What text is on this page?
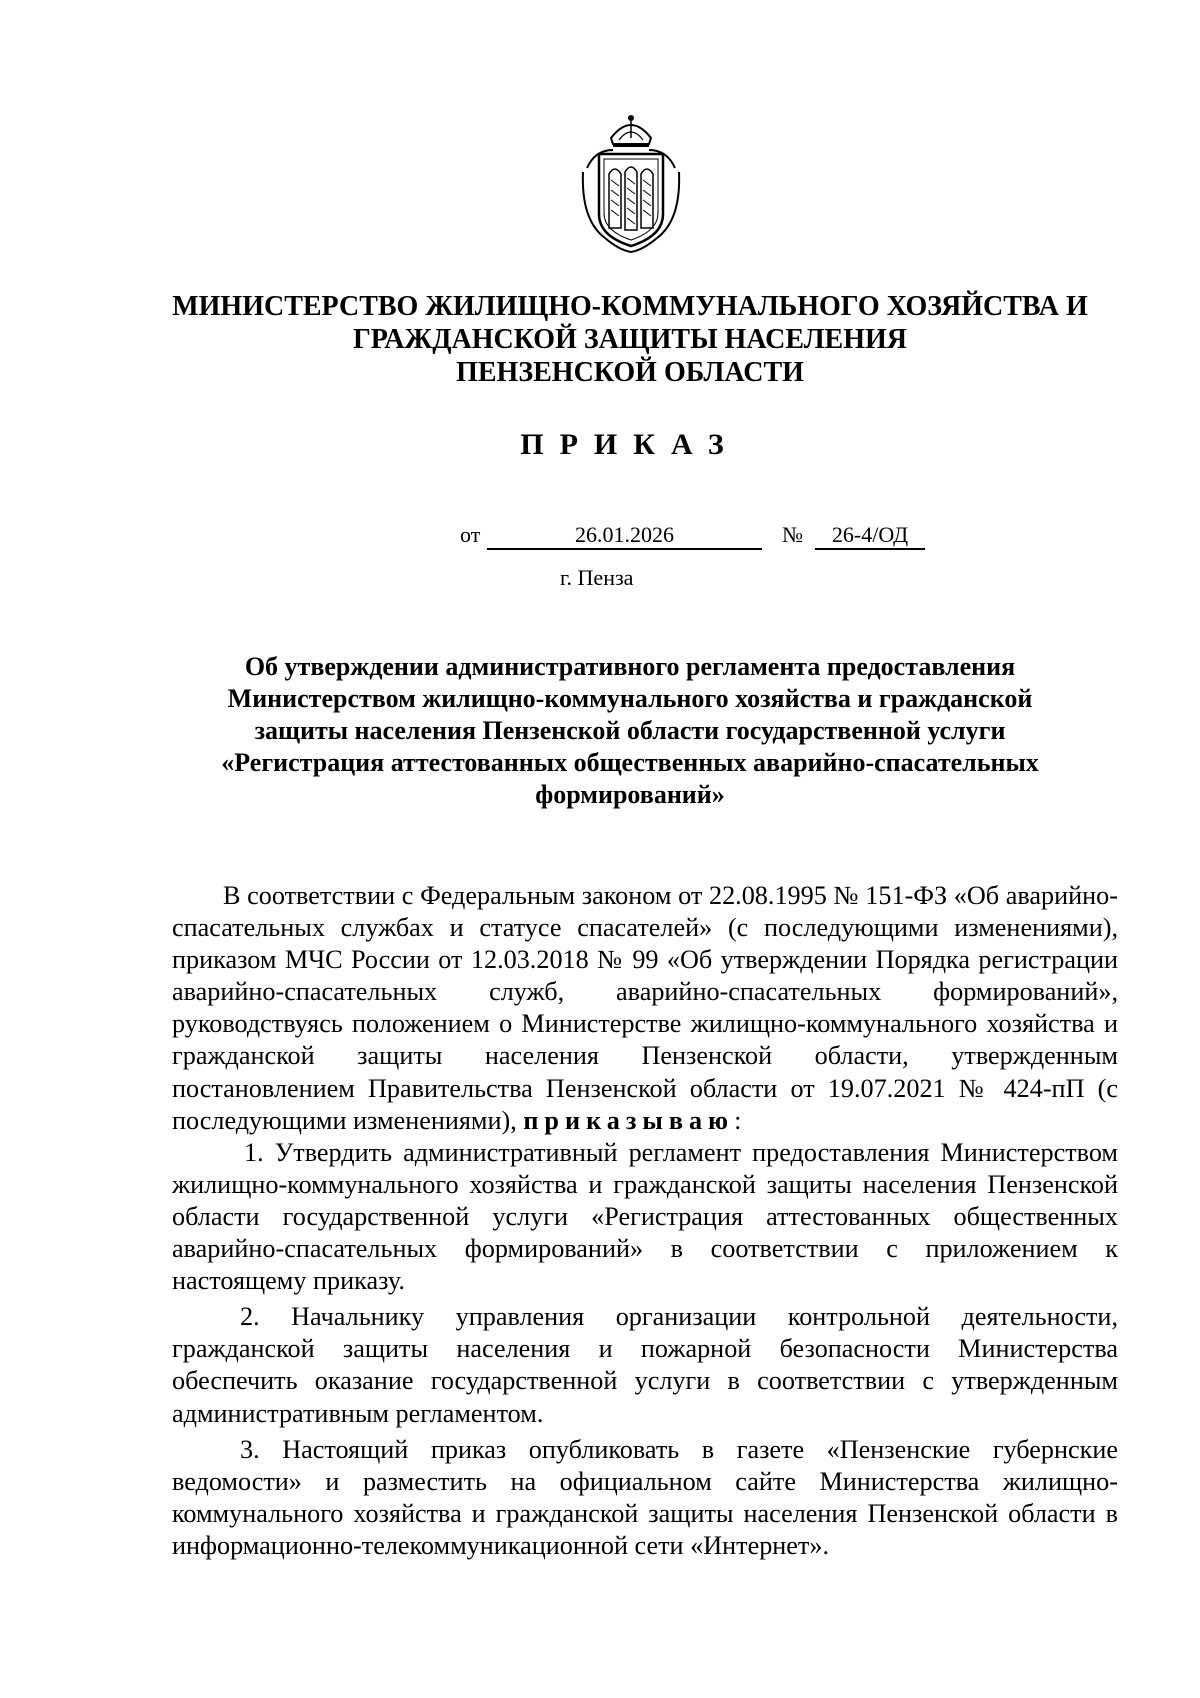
МИНИСТЕРСТВО ЖИЛИЩНО-КОММУНАЛЬНОГО ХОЗЯЙСТВА И
ГРАЖДАНСКОЙ ЗАЩИТЫ НАСЕЛЕНИЯ
ПЕНЗЕНСКОЙ ОБЛАСТИ
ПРИКАЗ
от	26.01.2026	№	26-4/ОД
г. Пенза
Об утверждении административного регламента предоставления
Министерством жилищно-коммунального хозяйства и гражданской
защиты населения Пензенской области государственной услуги
«Регистрация аттестованных общественных аварийно-спасательных
формирований»

В соответствии с Федеральным законом от 22.08.1995 № 151-ФЗ «Об аварийно-спасательных службах и статусе спасателей» (с последующими изменениями), приказом МЧС России от 12.03.2018 № 99 «Об утверждении Порядка регистрации аварийно-спасательных служб, аварийно-спасательных формирований», руководствуясь положением о Министерстве жилищно-коммунального хозяйства и гражданской защиты населения Пензенской области, утвержденным постановлением Правительства Пензенской области от 19.07.2021 № 424-пП (с последующими изменениями), приказываю:

1. Утвердить административный регламент предоставления Министерством жилищно-коммунального хозяйства и гражданской защиты населения Пензенской области государственной услуги «Регистрация аттестованных общественных аварийно-спасательных формирований» в соответствии с приложением к настоящему приказу.

2. Начальнику управления организации контрольной деятельности, гражданской защиты населения и пожарной безопасности Министерства обеспечить оказание государственной услуги в соответствии с утвержденным административным регламентом.

3. Настоящий приказ опубликовать в газете «Пензенские губернские ведомости» и разместить на официальном сайте Министерства жилищно-коммунального хозяйства и гражданской защиты населения Пензенской области в информационно-телекоммуникационной сети «Интернет».
